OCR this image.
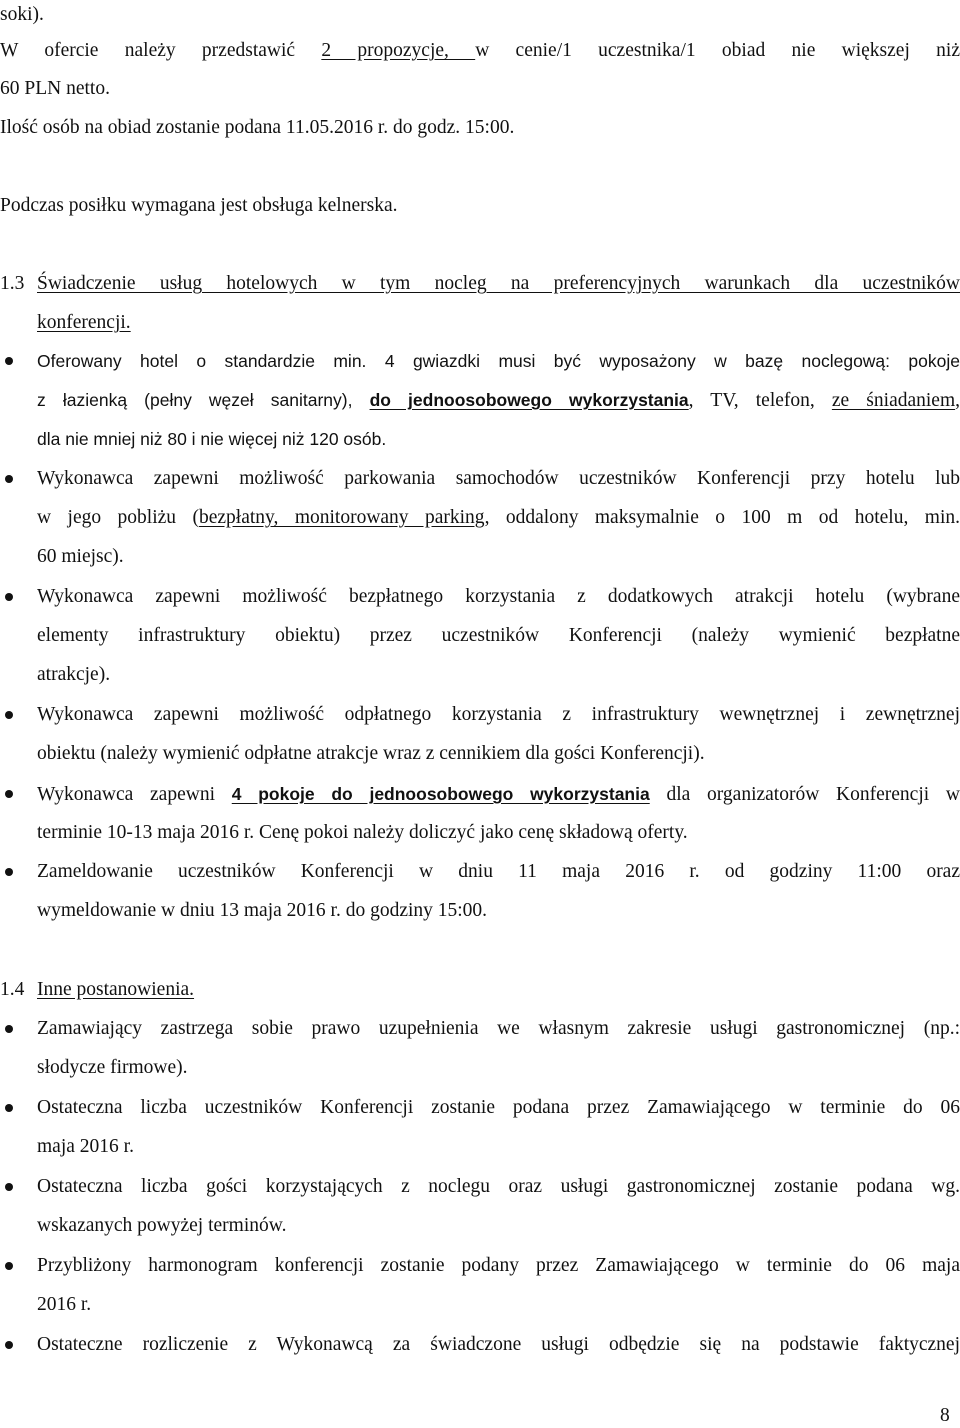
soki).

W ofercie należy przedstawić 2 propozycje, w cenie/1 uczestnika/1 obiad nie większej niż

60 PLN netto.

Ilość osób na obiad zostanie podana 11.05.2016 r. do godz. 15:00.

Podczas posiłku wymagana jest obsługa kelnerska.

1.3 Świadczenie usług hotelowych w tym nocleg na preferencyjnych warunkach dla uczestników

konferencji.

Oferowany hotel o standardzie min. 4 gwiazdki musi być wyposażony w bazę noclegową: pokoje

z łazienką (pełny węzeł sanitarny), do jednoosobowego wykorzystania, TV, telefon, ze śniadaniem,

dla nie mniej niż 80 i nie więcej niż 120 osób.

Wykonawca zapewni możliwość parkowania samochodów uczestników Konferencji przy hotelu lub

w jego pobliżu (bezpłatny, monitorowany parking, oddalony maksymalnie o 100 m od hotelu, min.

60 miejsc).

Wykonawca zapewni możliwość bezpłatnego korzystania z dodatkowych atrakcji hotelu (wybrane

elementy infrastruktury obiektu) przez uczestników Konferencji (należy wymienić bezpłatne

atrakcje).

Wykonawca zapewni możliwość odpłatnego korzystania z infrastruktury wewnętrznej i zewnętrznej

obiektu (należy wymienić odpłatne atrakcje wraz z cennikiem dla gości Konferencji).

Wykonawca zapewni 4 pokoje do jednoosobowego wykorzystania dla organizatorów Konferencji w

terminie 10-13 maja 2016 r. Cenę pokoi należy doliczyć jako cenę składową oferty.

Zameldowanie uczestników Konferencji w dniu 11 maja 2016 r. od godziny 11:00 oraz

wymeldowanie w dniu 13 maja 2016 r. do godziny 15:00.

1.4 Inne postanowienia.

Zamawiający zastrzega sobie prawo uzupełnienia we własnym zakresie usługi gastronomicznej (np.:

słodycze firmowe).

Ostateczna liczba uczestników Konferencji zostanie podana przez Zamawiającego w terminie do 06

maja 2016 r.

Ostateczna liczba gości korzystających z noclegu oraz usługi gastronomicznej zostanie podana wg.

wskazanych powyżej terminów.

Przybliżony harmonogram konferencji zostanie podany przez Zamawiającego w terminie do 06 maja

2016 r.

Ostateczne rozliczenie z Wykonawcą za świadczone usługi odbędzie się na podstawie faktycznej

8
